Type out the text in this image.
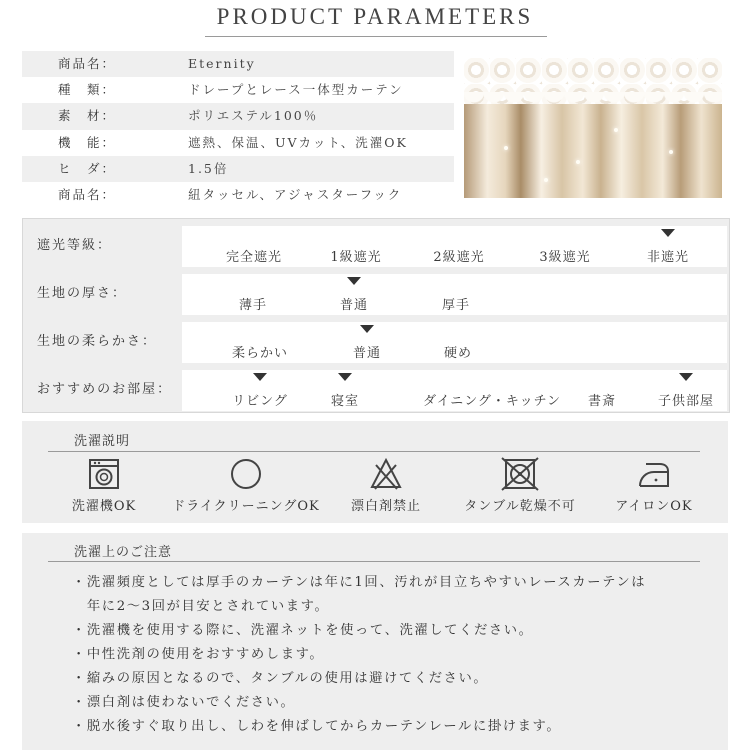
PRODUCT PARAMETERS
商品名：	Eternity
種　類：	ドレープとレース一体型カーテン
素　材：	ポリエステル100％
機　能：	遮熱、保温、UVカット、洗濯OK
ヒ　ダ：	1.5倍
商品名：	紐タッセル、アジャスターフック
遮光等級：
完全遮光	1級遮光	2級遮光	3級遮光	非遮光
生地の厚さ：
薄手	普通	厚手
生地の柔らかさ：
柔らかい	普通	硬め
おすすめのお部屋：
リビング	寝室	ダイニング・キッチン 書斎	子供部屋
洗濯説明
洗濯機OK	ドライクリーニングOK	漂白剤禁止	タンブル乾燥不可	アイロンOK
洗濯上のご注意
・洗濯頻度としては厚手のカーテンは年に1回、汚れが目立ちやすいレースカーテンは
　年に2～3回が目安とされています。
・洗濯機を使用する際に、洗濯ネットを使って、洗濯してください。
・中性洗剤の使用をおすすめします。
・縮みの原因となるので、タンブルの使用は避けてください。
・漂白剤は使わないでください。
・脱水後すぐ取り出し、しわを伸ばしてからカーテンレールに掛けます。
